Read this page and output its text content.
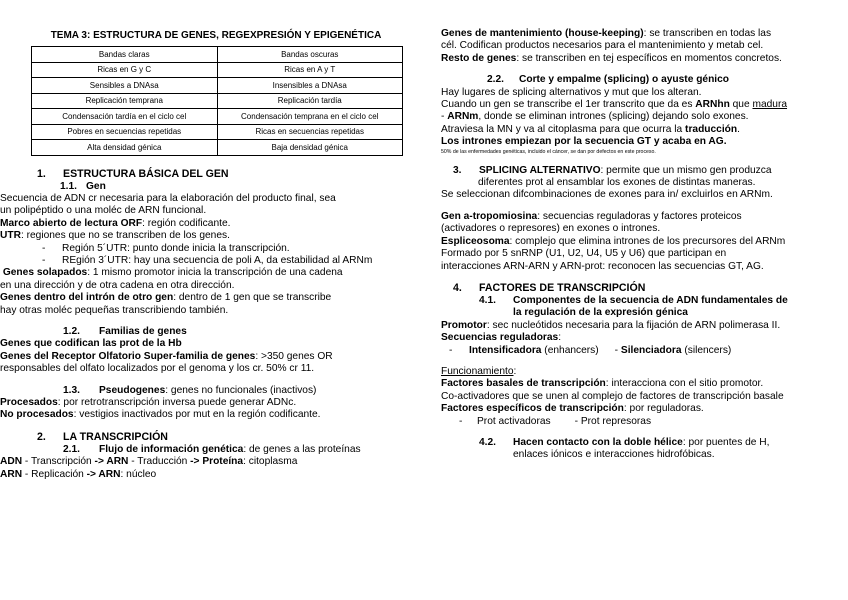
TEMA 3: ESTRUCTURA DE GENES, REGEXPRESIÓN Y EPIGENÉTICA
Bandas claras	Bandas oscuras
Ricas en G y C	Ricas en A y T
Sensibles a DNAsa	Insensibles a DNAsa
Replicación temprana	Replicación tardía
Condensación tardía en el ciclo cel	Condensación temprana en el ciclo cel
Pobres en secuencias repetidas	Ricas en secuencias repetidas
Alta densidad génica	Baja densidad génica
1. ESTRUCTURA BÁSICA DEL GEN
1.1. Gen
Secuencia de ADN cr necesaria para la elaboración del producto final, sea
un polipéptido o una moléc de ARN funcional.
Marco abierto de lectura ORF: región codificante.
UTR: regiones que no se transcriben de los genes.
- Región 5´UTR: punto donde inicia la transcripción.
- REgión 3´UTR: hay una secuencia de poli A, da estabilidad al ARNm
Genes solapados: 1 mismo promotor inicia la transcripción de una cadena
en una dirección y de otra cadena en otra dirección.
Genes dentro del intrón de otro gen: dentro de 1 gen que se transcribe
hay otras moléc pequeñas transcribiendo también.
1.2. Familias de genes
Genes que codifican las prot de la Hb
Genes del Receptor Olfatorio Super-familia de genes: >350 genes OR
responsables del olfato localizados por el genoma y los cr. 50% cr 11.
1.3. Pseudogenes: genes no funcionales (inactivos)
Procesados: por retrotranscripción inversa puede generar ADNc.
No procesados: vestigios inactivados por mut en la región codificante.
2. LA TRANSCRIPCIÓN
2.1. Flujo de información genética: de genes a las proteínas
ADN - Transcripción -> ARN - Traducción -> Proteína: citoplasma
ARN - Replicación -> ARN: núcleo
Genes de mantenimiento (house-keeping): se transcriben en todas las
cél. Codifican productos necesarios para el mantenimiento y metab cel.
Resto de genes: se transcriben en tej específicos en momentos concretos.
2.2. Corte y empalme (splicing) o ayuste génico
Hay lugares de splicing alternativos y mut que los alteran.
Cuando un gen se transcribe el 1er transcrito que da es ARNhn que madura
- ARNm, donde se eliminan intrones (splicing) dejando solo exones.
Atraviesa la MN y va al citoplasma para que ocurra la traducción.
Los intrones empiezan por la secuencia GT y acaba en AG.
50% de las enfermedades genéticas, incluido el cáncer, se dan por defectos en este proceso.
3. SPLICING ALTERNATIVO: permite que un mismo gen produzca
diferentes prot al ensamblar los exones de distintas maneras.
Se seleccionan difcombinaciones de exones para in/ excluirlos en ARNm.
Gen a-tropomiosina: secuencias reguladoras y factores proteicos
(activadores o represores) en exones o intrones.
Espliceosoma: complejo que elimina intrones de los precursores del ARNm
Formado por 5 snRNP (U1, U2, U4, U5 y U6) que participan en
interacciones ARN-ARN y ARN-prot: reconocen las secuencias GT, AG.
4. FACTORES DE TRANSCRIPCIÓN
4.1. Componentes de la secuencia de ADN fundamentales de
la regulación de la expresión génica
Promotor: sec nucleótidos necesaria para la fijación de ARN polimerasa II.
Secuencias reguladoras:
- Intensificadora (enhancers) - Silenciadora (silencers)
Funcionamiento:
Factores basales de transcripción: interacciona con el sitio promotor.
Co-activadores que se unen al complejo de factores de transcripción basale
Factores específicos de transcripción: por reguladoras.
- Prot activadoras - Prot represoras
4.2. Hacen contacto con la doble hélice: por puentes de H,
enlaces iónicos e interacciones hidrofóbicas.
